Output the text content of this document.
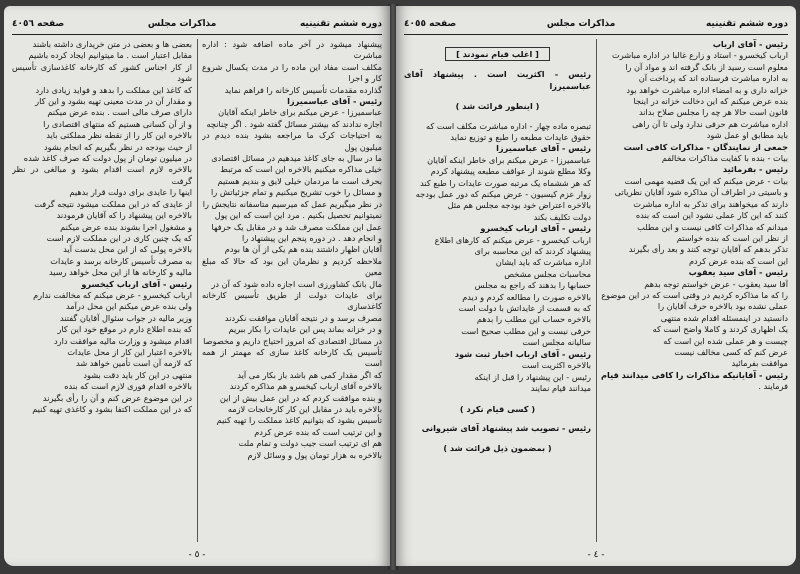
دوره ششم تقنینیه
مذاکرات مجلس
صفحه ٤٠٥٦

پیشنهاد میشود در آخر ماده اضافه شود : اداره مباشرت

مکلف است مفاد این ماده را در مدت یکسال شروع کار و اجرا

گذارده مقدمات تأسیس کارخانه را فراهم نماید

رئیس - آقای عباسمیرزا

عباسمیرزا - عرض میکنم برای خاطر اینکه آقایان

اجازه ندادند که بیشتر مسائل گفته شود . اگر چنانچه

به احتیاجات کرک ما مراجعه بشود بنده دیدم در میلیون پول

ما در سال به جای کاغذ میدهیم در مسائل اقتصادی

خیلی مذاکره میکنیم بالاخره این است که مرتبط

بحرف است ما مردمان خیلی لایق و بندیم هستیم

و مسائل را خوب تشریح میکنیم و تمام جزئیاتش را

در نظر میگیریم عمل که میرسیم متاسفانه نتایجش را

نمیتوانیم تحصیل بکنیم . مرد این است که این پول

عمل این مملکت مصرف شد و در مقابل یک حرفها

و انجام دهد . در دوره پنجم این پیشنهاد را

آقایان اظهار داشتند بنده هم یکی از آن ها بودم

ملاحظه کردیم و نظرمان این بود که حالا که مبلغ معین

مال بانک کشاورزی است اجازه داده شود که آن در

برای عایدات دولت از طریق تأسیس کارخانه کاغذسازی

مصرف برسد و در نتیجه آقایان موافقت نکردند

و در خزانه بماند پس این عایدات را بکار ببریم

در مسائل اقتصادی که امروز احتیاج داریم و مخصوصا

تأسیس یک کارخانه کاغذ سازی که مهمتر از همه است

که اگر مقدار کمی هم باشد باز بکار می آید

بالاخره آقای ارباب کیخسرو هم مذاکره کردند

و بنده موافقت کردم که در این عمل بیش از این

بالاخره باید در مقابل این کار کارخانجات لازمه

تأسیس بشود که بتوانیم کاغذ مملکت را تهیه کنیم

و این ترتیب است که بنده عرض کردم

هم ای ترتیب است جیب دولت و تمام ملت

بالاخره به هزار تومان پول و وسائل لازم

بعضی ها و بعضی در متن خریداری داشته باشند

مقابل اعتبار است . ما میتوانیم ایجاد کرده باشیم

از کار اجناس کشور که کارخانه کاغذسازی تأسیس شود

که کاغذ این مملکت را بدهد و فواید زیادی دارد

و مقدار آن در مدت معینی تهیه بشود و این کار

دارای صرف مالی است . بنده عرض میکنم

و از آن کسانی هستیم که منتهای اقتصادی را

بالاخره این کار را از نقطه نظر مملکتی باید

از حیث بودجه در نظر بگیریم که انجام بشود

در میلیون تومان از پول دولت که صرف کاغذ شده

بالاخره لازم است اقدام بشود و مبالغی در نظر گرفت

اینها را عایدی برای دولت قرار بدهیم

از عایدی که در این مملکت میشود نتیجه گرفت

بالاخره این پیشنهاد را که آقایان فرمودند

و مشغول اجرا بشوند بنده عرض میکنم

که یک چنین کاری در این مملکت لازم است

بالاخره پولی که از این محل بدست آید

به مصرف تأسیس کارخانه برسد و عایدات

مالیه و کارخانه ها از این محل خواهد رسید

رئیس - آقای ارباب کیخسرو

ارباب کیخسرو - عرض میکنم که مخالفت ندارم

ولی بنده عرض میکنم این محل درآمد

وزیر مالیه در جواب سئوال آقایان گفتند

که بنده اطلاع دارم در موقع خود این کار

اقدام میشود و وزارت مالیه موافقت دارد

بالاخره اعتبار این کار از محل عایدات

که لازمه آن است تأمین خواهد شد

منتهی در این کار باید دقت بشود

بالاخره اقدام فوری لازم است که بنده

در این موضوع عرض کنم و آن را رأی بگیرند

که در این مملکت اکتفا بشود و کاغذی تهیه کنیم

- ٥ -
دوره ششم تقنینیه
مذاکرات مجلس
صفحه ٤٠٥٥

رئیس - آقای ارباب

ارباب کیخسرو - استاد و زارع غالبا در اداره مباشرت

معلوم است رسید از بانک گرفته اند و مواد آن را

به اداره مباشرت فرستاده اند که پرداخت آن

خزانه داری و به امضاء اداره مباشرت خواهد بود

بنده عرض میکنم که این دخالت خزانه در اینجا

قانون است حالا هر چه را مجلس صلاح بداند

اداره مباشرت هم حرفی ندارد ولی تا آن راهی

باید مطابق او عمل شود

جمعی از نمایندگان - مذاکرات کافی است

بیات - بنده با کفایت مذاکرات مخالفم

رئیس - بفرمائید

بیات - عرض میکنم که این یک قضیه مهمی است

و باسیتی در اطراف آن مذاکره شود آقایان نظریاتی

دارند که میخواهند برای تذکر به اداره مباشرت

کنند که این کار عملی نشود این است که بنده

میدانم که مذاکرات کافی نیست و این مطلب

از نظر این است که بنده خواستم

تذکر بدهم که آقایان توجه کنند و بعد رأی بگیرند

این است که بنده عرض کردم

رئیس - آقای سید یعقوب

آقا سید یعقوب - عرض خواستم توجه بدهم

را که ما مذاکره کردیم در وقتی است که در این موضوع

عملی نشده بود بالاخره حرف آقایان را

دانستید در اینمسئله اقدام شده منتهی

یک اظهاری کردند و کاملا واضح است که

چیست و هر عملی شده این است که

عرض کنم که کسی مخالف نیست

موافقت بفرمائید

رئیس - آقایانیکه مذاکرات را کافی میدانند قیام

فرمایند .

[ اغلب قیام نمودند ]

رئیس - اکثریت است . پیشنهاد آقای عباسمیرزا

( اینطور قرائت شد )

تبصره ماده چهار - اداره مباشرت مکلف است که

حقوق عایدات مطبعه را طبع و توزیع نماید

رئیس - آقای عباسمیرزا

عباسمیرزا - عرض میکنم برای خاطر اینکه آقایان

وکلا مطلع شوند از عواقف مطبعه پیشنهاد کردم

که هر ششماه یک مرتبه صورت عایدات را طبع کند

زوار عزم کیسیون - عرض میکنم که دور عمل بودجه

بالاخره اعتراض خود بودجه مجلس هم مثل

دولت تکلیف بکند

رئیس - آقای ارباب کیخسرو

ارباب کیخسرو - عرض میکنم که کارهای اطلاع

پیشنهاد کردند که این محاسبه برای

اداره مباشرت که باید ایشان

محاسبات مجلس مشخص

حسابها را بدهند که راجع به مجلس

بالاخره صورت را مطالعه کردم و دیدم

که به قسمت از عایداتش با دولت است

بالاخره حساب این مطلب را بدهم

حرفی نیست و این مطلب صحیح است

سالیانه مجلس است

رئیس - آقای ارباب اخبار ثبت شود

بالاخره اکثریت است

رئیس - این پیشنهاد را قبل از اینکه

میدانند قیام نمایند

( کسی قیام نکرد )

رئیس - تصویب شد پیشنهاد آقای شیروانی

( بمضمون ذیل قرائت شد )

- ٤ -
